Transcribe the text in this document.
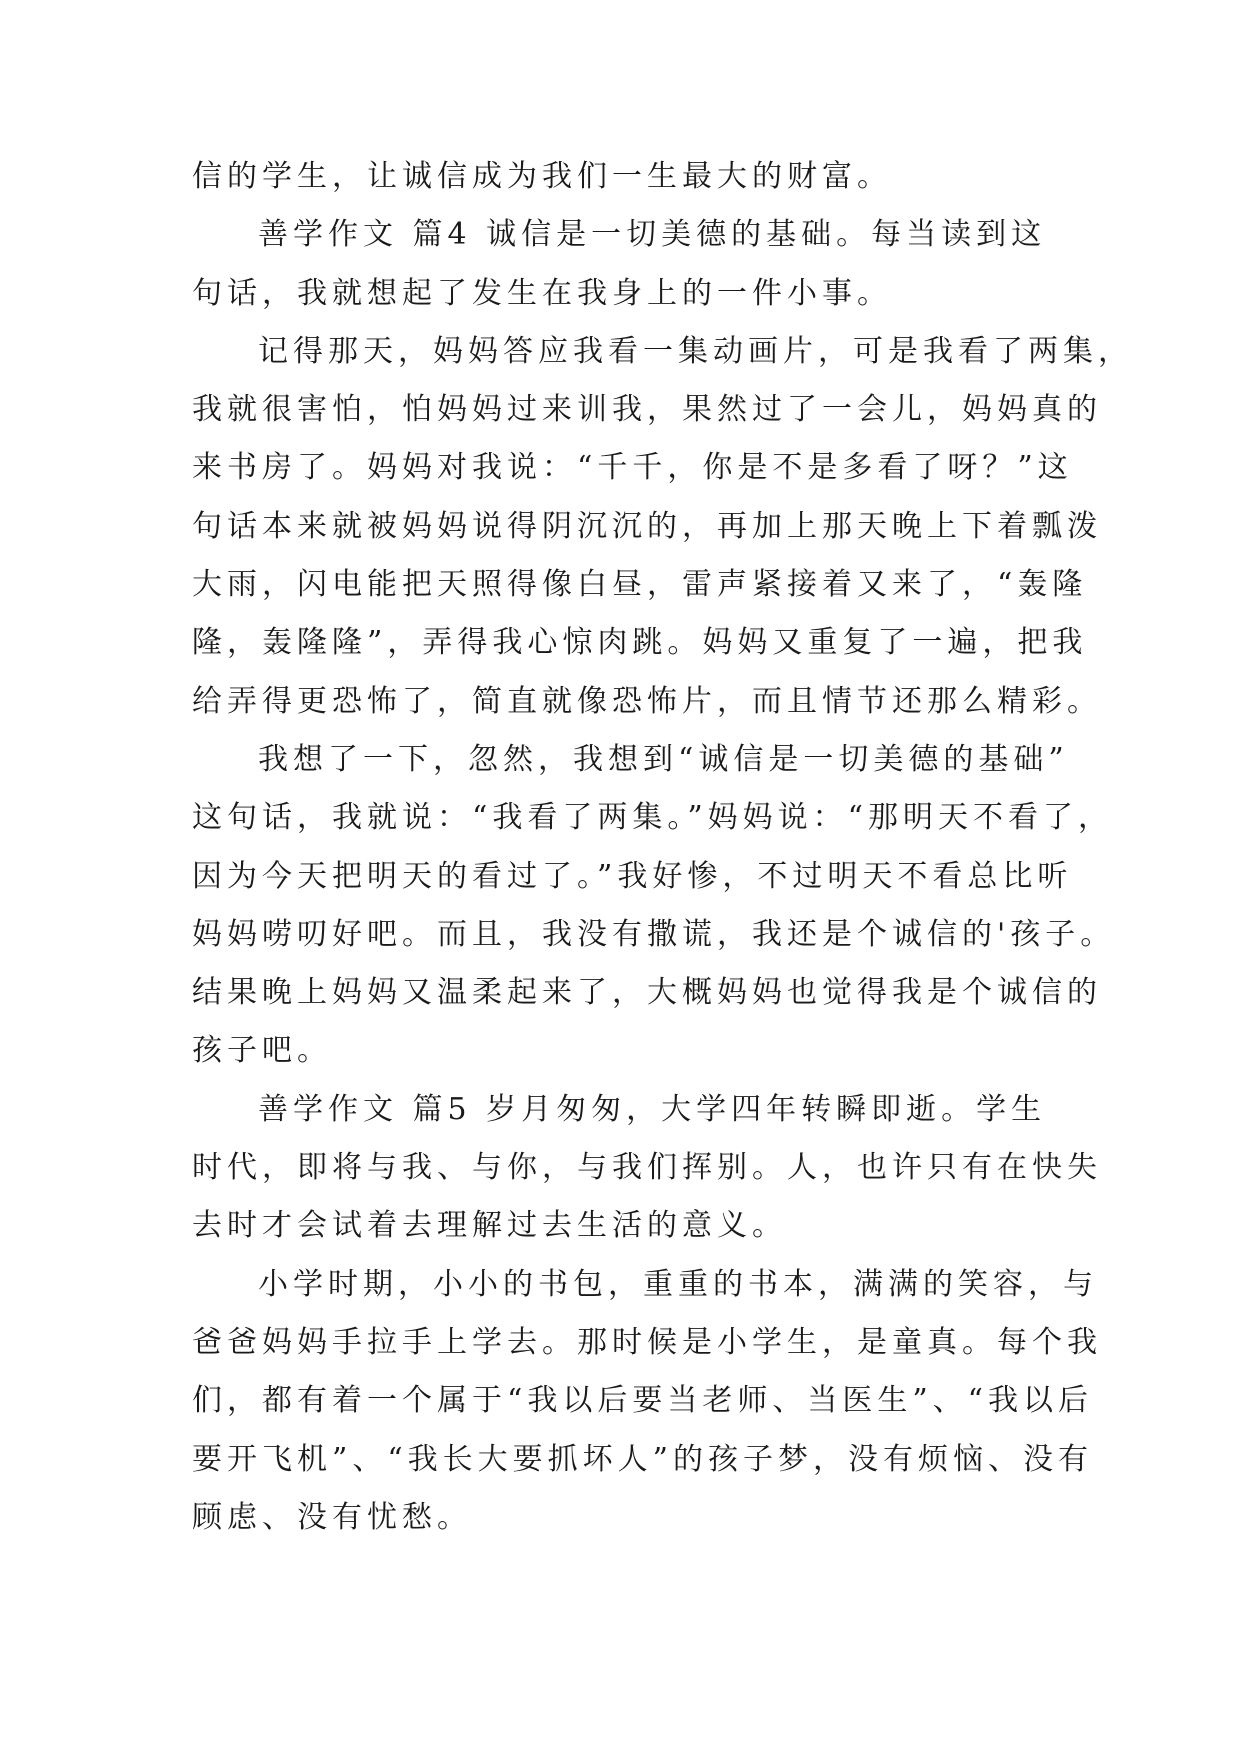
信的学生，让诚信成为我们一生最大的财富。

善学作文 篇4 诚信是一切美德的基础。每当读到这

句话，我就想起了发生在我身上的一件小事。

记得那天，妈妈答应我看一集动画片，可是我看了两集，

我就很害怕，怕妈妈过来训我，果然过了一会儿，妈妈真的

来书房了。妈妈对我说：“千千，你是不是多看了呀？”这

句话本来就被妈妈说得阴沉沉的，再加上那天晚上下着瓢泼

大雨，闪电能把天照得像白昼，雷声紧接着又来了，“轰隆

隆，轰隆隆”，弄得我心惊肉跳。妈妈又重复了一遍，把我

给弄得更恐怖了，简直就像恐怖片，而且情节还那么精彩。

我想了一下，忽然，我想到“诚信是一切美德的基础”

这句话，我就说：“我看了两集。”妈妈说：“那明天不看了，

因为今天把明天的看过了。”我好惨，不过明天不看总比听

妈妈唠叨好吧。而且，我没有撒谎，我还是个诚信的'孩子。

结果晚上妈妈又温柔起来了，大概妈妈也觉得我是个诚信的

孩子吧。

善学作文 篇5 岁月匆匆，大学四年转瞬即逝。学生

时代，即将与我、与你，与我们挥别。人，也许只有在快失

去时才会试着去理解过去生活的意义。

小学时期，小小的书包，重重的书本，满满的笑容，与

爸爸妈妈手拉手上学去。那时候是小学生，是童真。每个我

们，都有着一个属于“我以后要当老师、当医生”、“我以后

要开飞机”、“我长大要抓坏人”的孩子梦，没有烦恼、没有

顾虑、没有忧愁。
